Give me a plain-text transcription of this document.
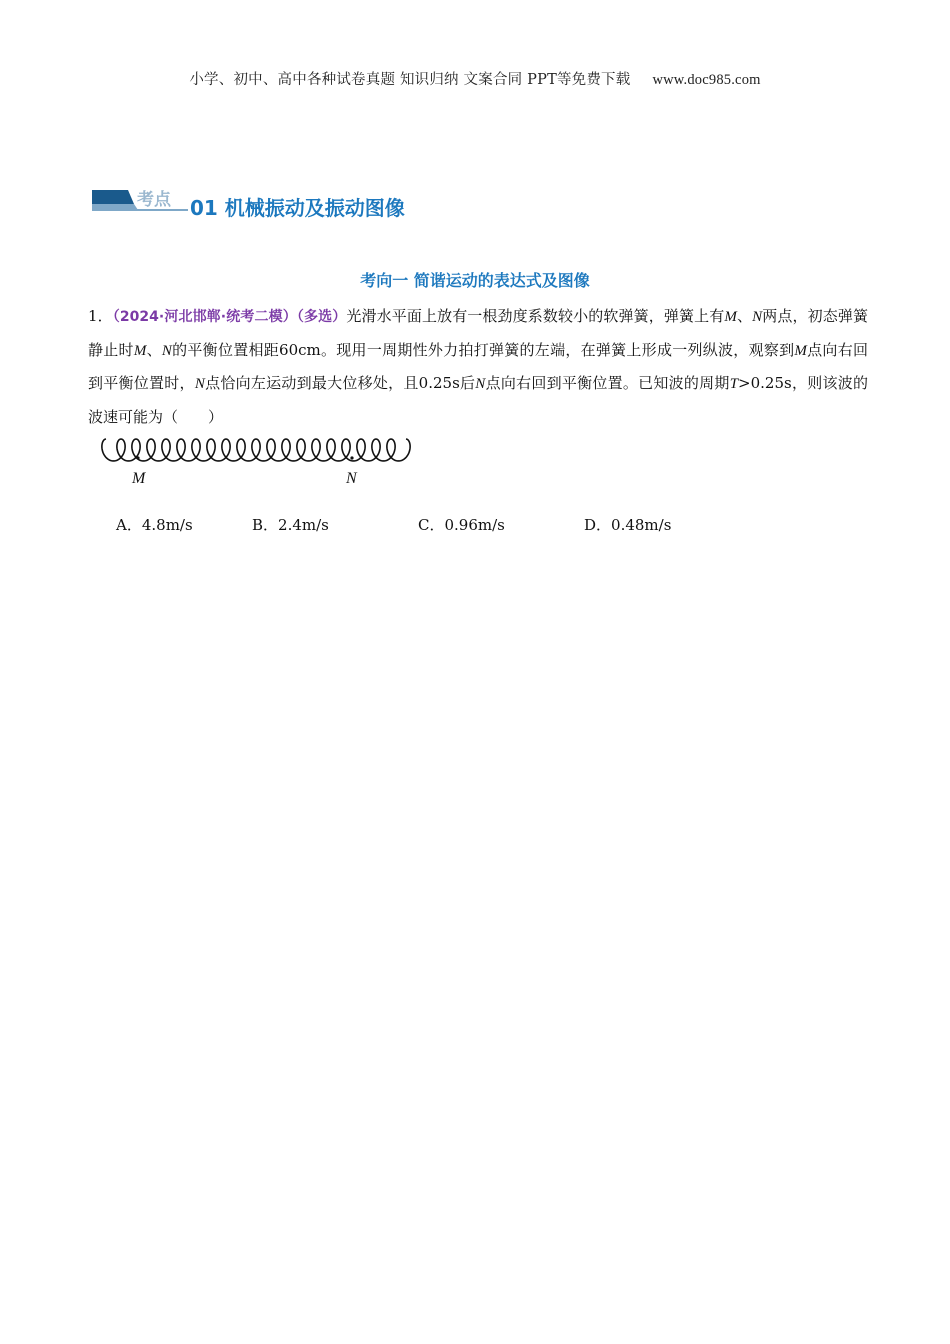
小学、初中、高中各种试卷真题 知识归纳 文案合同 PPT等免费下载 www.doc985.com
考点 01 机械振动及振动图像
考向一 简谐运动的表达式及图像
1．（2024·河北邯郸·统考二模）（多选）光滑水平面上放有一根劲度系数较小的软弹簧，弹簧上有M、N两点，初态弹簧静止时M、N的平衡位置相距60cm。现用一周期性外力拍打弹簧的左端，在弹簧上形成一列纵波，观察到M点向右回到平衡位置时，N点恰向左运动到最大位移处，且0.25s后N点向右回到平衡位置。已知波的周期T>0.25s，则该波的波速可能为（　　）
M	N
A．4.8m/s	B．2.4m/s	C．0.96m/s	D．0.48m/s
